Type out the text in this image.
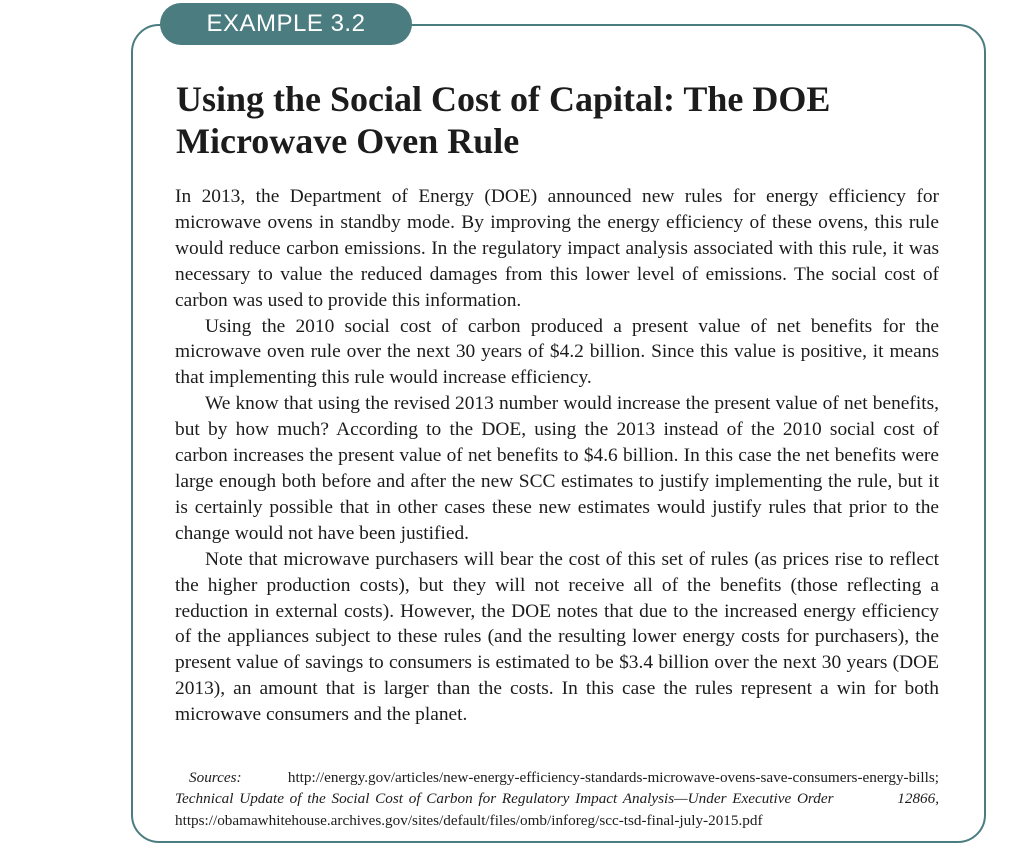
EXAMPLE 3.2
Using the Social Cost of Capital: The DOE
Microwave Oven Rule

In 2013, the Department of Energy (DOE) announced new rules for energy efficiency for microwave ovens in standby mode. By improving the energy efficiency of these ovens, this rule would reduce carbon emissions. In the regulatory impact analysis associated with this rule, it was necessary to value the reduced damages from this lower level of emissions. The social cost of carbon was used to provide this information.

Using the 2010 social cost of carbon produced a present value of net benefits for the microwave oven rule over the next 30 years of $4.2 billion. Since this value is positive, it means that implementing this rule would increase efficiency.

We know that using the revised 2013 number would increase the present value of net benefits, but by how much? According to the DOE, using the 2013 instead of the 2010 social cost of carbon increases the present value of net benefits to $4.6 billion. In this case the net benefits were large enough both before and after the new SCC estimates to justify implementing the rule, but it is certainly possible that in other cases these new estimates would justify rules that prior to the change would not have been justified.

Note that microwave purchasers will bear the cost of this set of rules (as prices rise to reflect the higher production costs), but they will not receive all of the benefits (those reflecting a reduction in external costs). However, the DOE notes that due to the increased energy efficiency of the appliances subject to these rules (and the resulting lower energy costs for purchasers), the present value of savings to consumers is estimated to be $3.4 billion over the next 30 years (DOE 2013), an amount that is larger than the costs. In this case the rules represent a win for both microwave consumers and the planet.

Sources:	http://energy.gov/articles/new-energy-efficiency-standards-microwave-ovens-save-consumers-energy-bills; Technical Update of the Social Cost of Carbon for Regulatory Impact Analysis—Under Executive Order	12866, https://obamawhitehouse.archives.gov/sites/default/files/omb/inforeg/scc-tsd-final-july-2015.pdf
